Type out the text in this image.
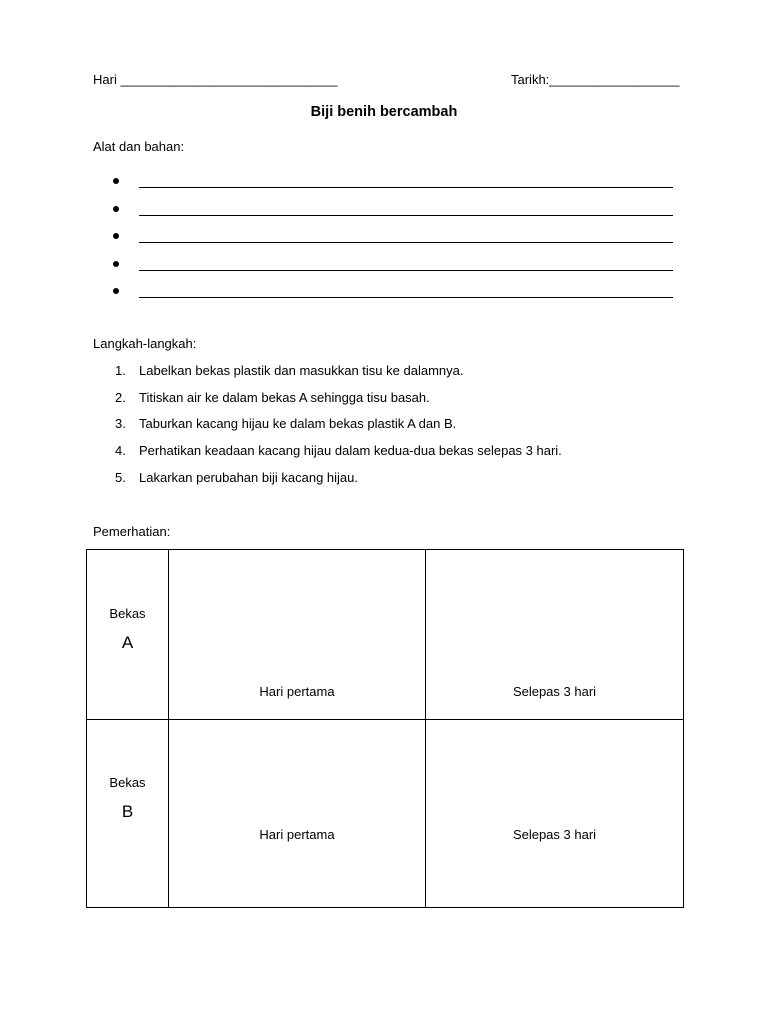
Hari ______________________________	Tarikh:__________________
Biji benih bercambah
Alat dan bahan:
Langkah-langkah:
1. Labelkan bekas plastik dan masukkan tisu ke dalamnya.
2. Titiskan air ke dalam bekas A sehingga tisu basah.
3. Taburkan kacang hijau ke dalam bekas plastik A dan B.
4. Perhatikan keadaan kacang hijau dalam kedua-dua bekas selepas 3 hari.
5. Lakarkan perubahan biji kacang hijau.
Pemerhatian:
Bekas
A	Hari pertama	Selepas 3 hari

Bekas
B	Hari pertama	Selepas 3 hari
